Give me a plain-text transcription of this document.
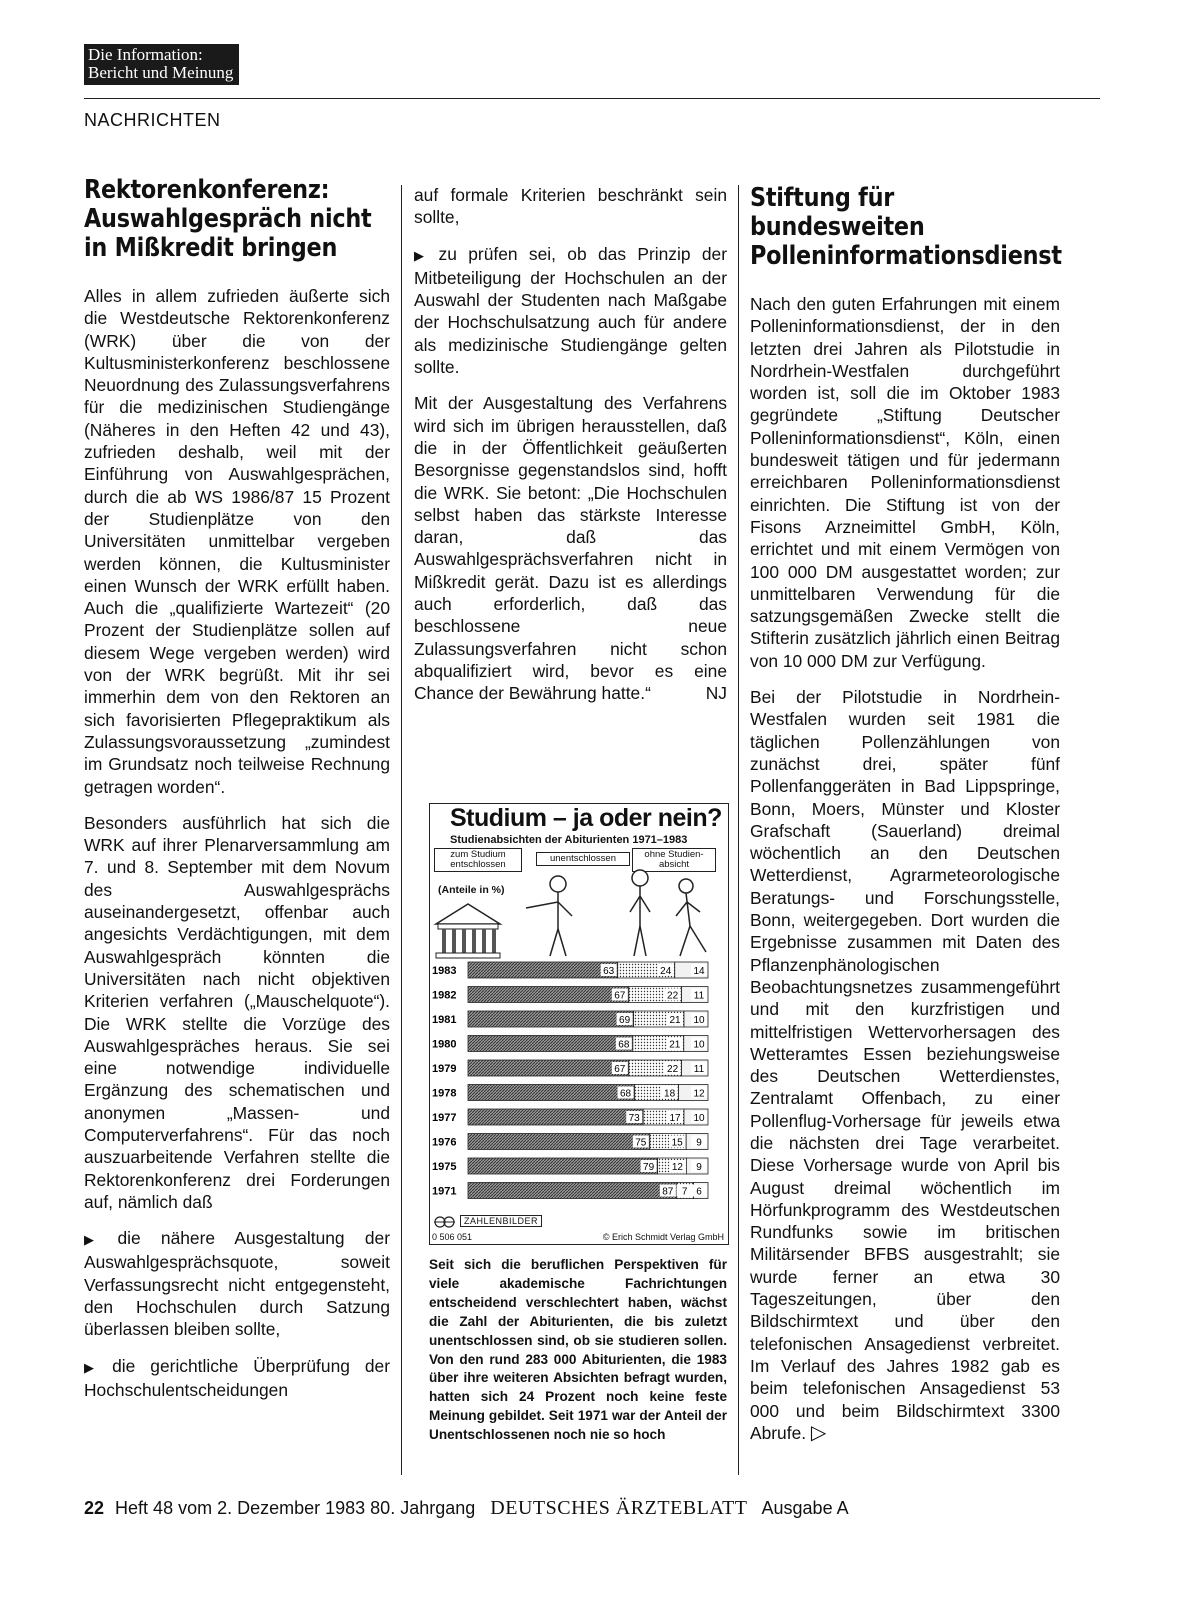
Die Information:
Bericht und Meinung
NACHRICHTEN
Rektorenkonferenz: Auswahlgespräch nicht in Mißkredit bringen

Alles in allem zufrieden äußerte sich die Westdeutsche Rektorenkonferenz (WRK) über die von der Kultusministerkonferenz beschlossene Neuordnung des Zulassungsverfahrens für die medizinischen Studiengänge (Näheres in den Heften 42 und 43), zufrieden deshalb, weil mit der Einführung von Auswahlgesprächen, durch die ab WS 1986/87 15 Prozent der Studienplätze von den Universitäten unmittelbar vergeben werden können, die Kultusminister einen Wunsch der WRK erfüllt haben. Auch die „qualifizierte Wartezeit“ (20 Prozent der Studienplätze sollen auf diesem Wege vergeben werden) wird von der WRK begrüßt. Mit ihr sei immerhin dem von den Rektoren an sich favorisierten Pflegepraktikum als Zulassungsvoraussetzung „zumindest im Grundsatz noch teilweise Rechnung getragen worden“.

Besonders ausführlich hat sich die WRK auf ihrer Plenarversammlung am 7. und 8. September mit dem Novum des Auswahlgesprächs auseinandergesetzt, offenbar auch angesichts Verdächtigungen, mit dem Auswahlgespräch könnten die Universitäten nach nicht objektiven Kriterien verfahren („Mauschelquote“). Die WRK stellte die Vorzüge des Auswahlgespräches heraus. Sie sei eine notwendige individuelle Ergänzung des schematischen und anonymen „Massen- und Computerverfahrens“. Für das noch auszuarbeitende Verfahren stellte die Rektorenkonferenz drei Forderungen auf, nämlich daß

▶ die nähere Ausgestaltung der Auswahlgesprächsquote, soweit Verfassungsrecht nicht entgegensteht, den Hochschulen durch Satzung überlassen bleiben sollte,

▶ die gerichtliche Überprüfung der Hochschulentscheidungen

auf formale Kriterien beschränkt sein sollte,

▶ zu prüfen sei, ob das Prinzip der Mitbeteiligung der Hochschulen an der Auswahl der Studenten nach Maßgabe der Hochschulsatzung auch für andere als medizinische Studiengänge gelten sollte.

Mit der Ausgestaltung des Verfahrens wird sich im übrigen herausstellen, daß die in der Öffentlichkeit geäußerten Besorgnisse gegenstandslos sind, hofft die WRK. Sie betont: „Die Hochschulen selbst haben das stärkste Interesse daran, daß das Auswahlgesprächsverfahren nicht in Mißkredit gerät. Dazu ist es allerdings auch erforderlich, daß das beschlossene neue Zulassungsverfahren nicht schon abqualifiziert wird, bevor es eine Chance der Bewährung hatte.“	NJ

Studium – ja oder nein?
Studienabsichten der Abiturienten 1971–1983
zum Studium entschlossen
unentschlossen	ohne Studien-absicht
(Anteile in %)
1983	63	24 14
1982	67	22 11
1981	69	21 10
1980	68	21 10
1979	67	22 11
1978	68	18 12
1977	73	17 10
1976	75	15 9
1975	79 12 9
1971	87 7 6
ZAHLENBILDER
0 506 051	© Erich Schmidt Verlag GmbH
Seit sich die beruflichen Perspektiven für viele akademische Fachrichtungen entscheidend verschlechtert haben, wächst die Zahl der Abiturienten, die bis zuletzt unentschlossen sind, ob sie studieren sollen. Von den rund 283 000 Abiturienten, die 1983 über ihre weiteren Absichten befragt wurden, hatten sich 24 Prozent noch keine feste Meinung gebildet. Seit 1971 war der Anteil der Unentschlossenen noch nie so hoch
Stiftung für bundesweiten Polleninformationsdienst

Nach den guten Erfahrungen mit einem Polleninformationsdienst, der in den letzten drei Jahren als Pilotstudie in Nordrhein-Westfalen durchgeführt worden ist, soll die im Oktober 1983 gegründete „Stiftung Deutscher Polleninformationsdienst“, Köln, einen bundesweit tätigen und für jedermann erreichbaren Polleninformationsdienst einrichten. Die Stiftung ist von der Fisons Arzneimittel GmbH, Köln, errichtet und mit einem Vermögen von 100 000 DM ausgestattet worden; zur unmittelbaren Verwendung für die satzungsgemäßen Zwecke stellt die Stifterin zusätzlich jährlich einen Beitrag von 10 000 DM zur Verfügung.

Bei der Pilotstudie in Nordrhein-Westfalen wurden seit 1981 die täglichen Pollenzählungen von zunächst drei, später fünf Pollenfanggeräten in Bad Lippspringe, Bonn, Moers, Münster und Kloster Grafschaft (Sauerland) dreimal wöchentlich an den Deutschen Wetterdienst, Agrarmeteorologische Beratungs- und Forschungsstelle, Bonn, weitergegeben. Dort wurden die Ergebnisse zusammen mit Daten des Pflanzenphänologischen Beobachtungsnetzes zusammengeführt und mit den kurzfristigen und mittelfristigen Wettervorhersagen des Wetteramtes Essen beziehungsweise des Deutschen Wetterdienstes, Zentralamt Offenbach, zu einer Pollenflug-Vorhersage für jeweils etwa die nächsten drei Tage verarbeitet. Diese Vorhersage wurde von April bis August dreimal wöchentlich im Hörfunkprogramm des Westdeutschen Rundfunks sowie im britischen Militärsender BFBS ausgestrahlt; sie wurde ferner an etwa 30 Tageszeitungen, über den Bildschirmtext und über den telefonischen Ansagedienst verbreitet. Im Verlauf des Jahres 1982 gab es beim telefonischen Ansagedienst 53 000 und beim Bildschirmtext 3300 Abrufe. ▷

22 Heft 48 vom 2. Dezember 1983 80. Jahrgang DEUTSCHES ÄRZTEBLATT Ausgabe A
